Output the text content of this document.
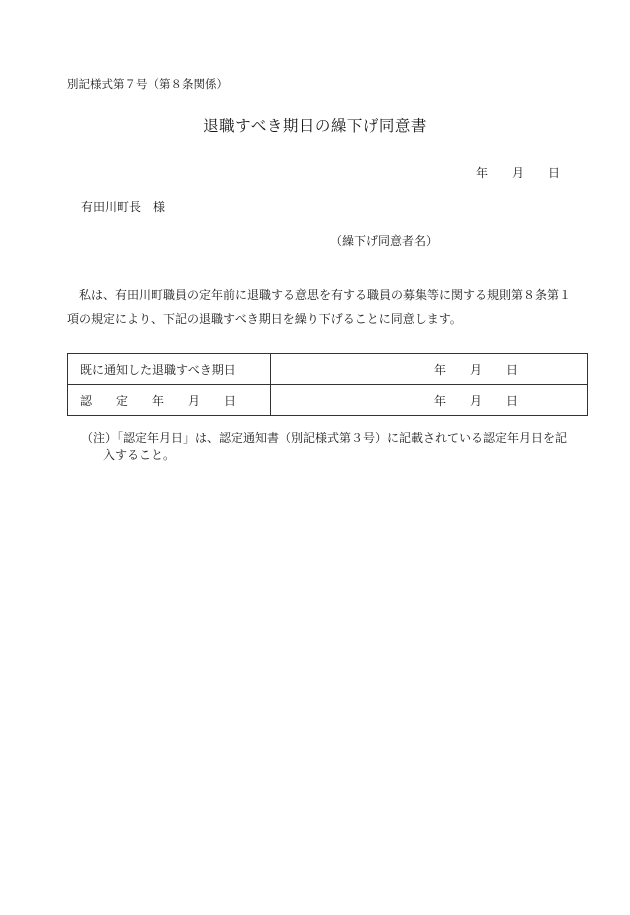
別記様式第７号（第８条関係）
退職すべき期日の繰下げ同意書
年　　月　　日
有田川町長　様
（繰下げ同意者名）
私は、有田川町職員の定年前に退職する意思を有する職員の募集等に関する規則第８条第１
項の規定により、下記の退職すべき期日を繰り下げることに同意します。
既に通知した退職すべき期日	年　　月　　日
認　　定　　年　　月　　日	年　　月　　日
（注）「認定年月日」は、認定通知書（別記様式第３号）に記載されている認定年月日を記
入すること。
